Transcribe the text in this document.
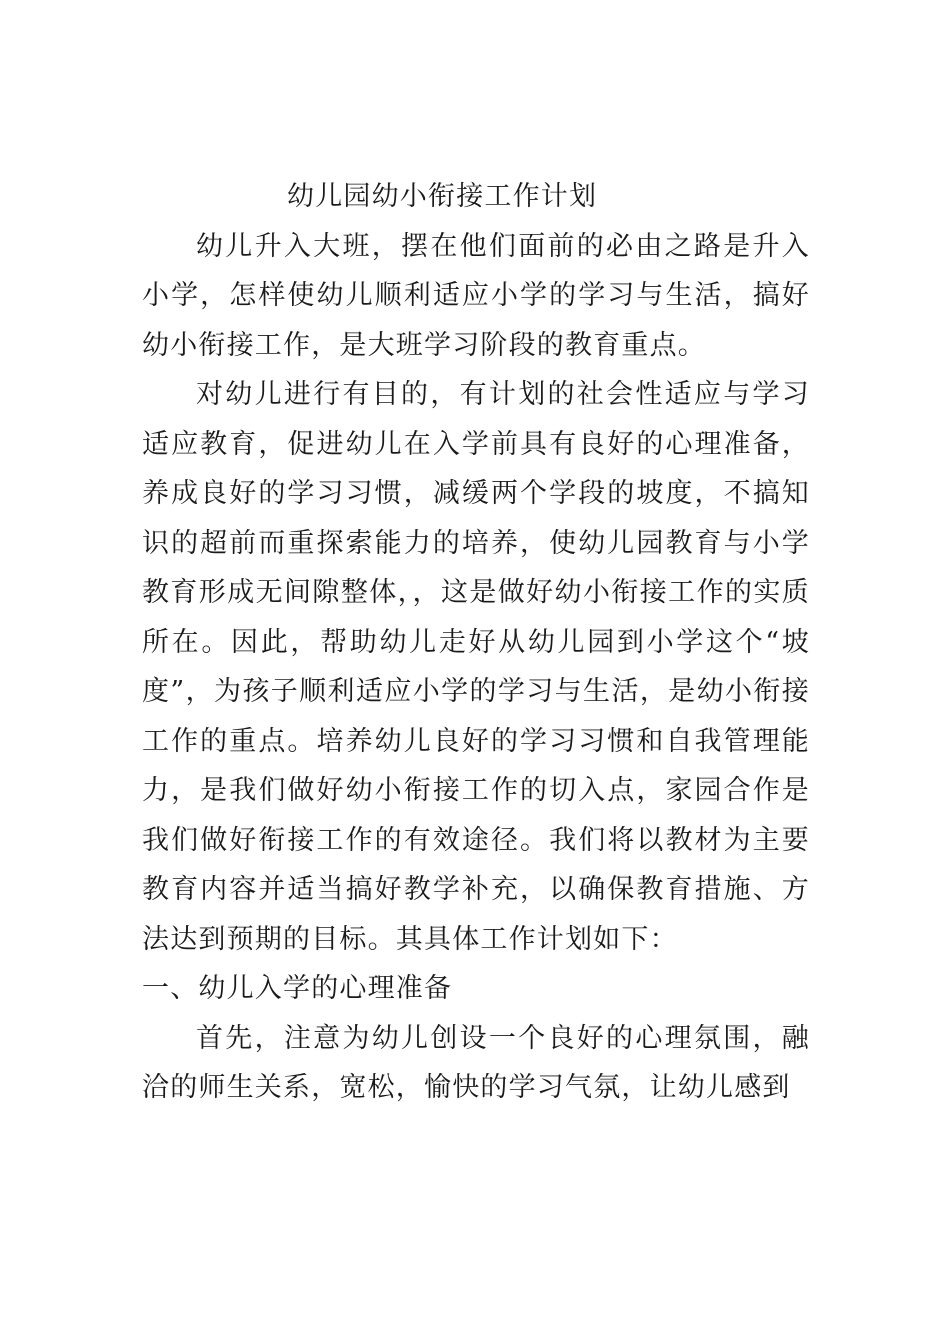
幼儿园幼小衔接工作计划

幼儿升入大班，摆在他们面前的必由之路是升入小学，怎样使幼儿顺利适应小学的学习与生活，搞好幼小衔接工作，是大班学习阶段的教育重点。

对幼儿进行有目的，有计划的社会性适应与学习适应教育，促进幼儿在入学前具有良好的心理准备，养成良好的学习习惯，减缓两个学段的坡度，不搞知识的超前而重探索能力的培养，使幼儿园教育与小学教育形成无间隙整体，，这是做好幼小衔接工作的实质所在。因此，帮助幼儿走好从幼儿园到小学这个“坡度”，为孩子顺利适应小学的学习与生活，是幼小衔接工作的重点。培养幼儿良好的学习习惯和自我管理能力，是我们做好幼小衔接工作的切入点，家园合作是我们做好衔接工作的有效途径。我们将以教材为主要教育内容并适当搞好教学补充，以确保教育措施、方法达到预期的目标。其具体工作计划如下：

一、幼儿入学的心理准备

首先，注意为幼儿创设一个良好的心理氛围，融洽的师生关系，宽松，愉快的学习气氛，让幼儿感到
